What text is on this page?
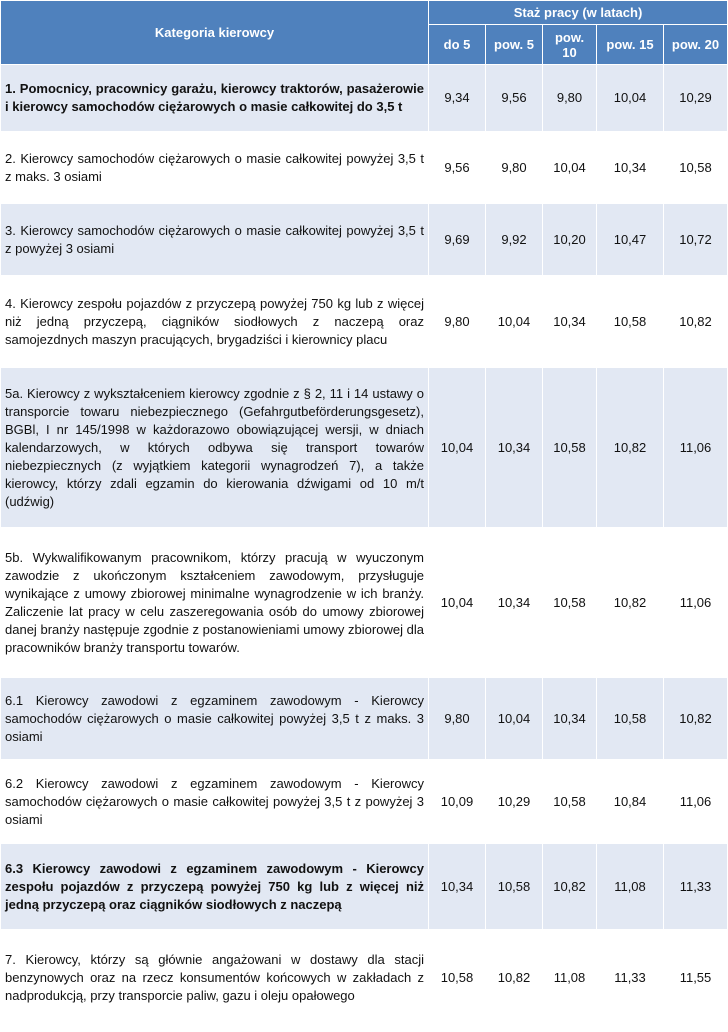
Kategoria kierowcy	Staż pracy (w latach)				
	do 5	pow. 5	pow. 10	pow. 15	pow. 20
1. Pomocnicy, pracownicy garażu, kierowcy traktorów, pasażerowie i kierowcy samochodów ciężarowych o masie całkowitej do 3,5 t	9,34	9,56	9,80	10,04	10,29
2. Kierowcy samochodów ciężarowych o masie całkowitej powyżej 3,5 t z maks. 3 osiami	9,56	9,80	10,04	10,34	10,58
3. Kierowcy samochodów ciężarowych o masie całkowitej powyżej 3,5 t z powyżej 3 osiami	9,69	9,92	10,20	10,47	10,72
4. Kierowcy zespołu pojazdów z przyczepą powyżej 750 kg lub z więcej niż jedną przyczepą, ciągników siodłowych z naczepą oraz samojezdnych maszyn pracujących, brygadziści i kierownicy placu	9,80	10,04	10,34	10,58	10,82
5a. Kierowcy z wykształceniem kierowcy zgodnie z § 2, 11 i 14 ustawy o transporcie towaru niebezpiecznego (Gefahrgutbeförderungsgesetz), BGBl, I nr 145/1998 w każdorazowo obowiązującej wersji, w dniach kalendarzowych, w których odbywa się transport towarów niebezpiecznych (z wyjątkiem kategorii wynagrodzeń 7), a także kierowcy, którzy zdali egzamin do kierowania dźwigami od 10 m/t (udźwig)	10,04	10,34	10,58	10,82	11,06
5b. Wykwalifikowanym pracownikom, którzy pracują w wyuczonym zawodzie z ukończonym kształceniem zawodowym, przysługuje wynikające z umowy zbiorowej minimalne wynagrodzenie w ich branży. Zaliczenie lat pracy w celu zaszeregowania osób do umowy zbiorowej danej branży następuje zgodnie z postanowieniami umowy zbiorowej dla pracowników branży transportu towarów.	10,04	10,34	10,58	10,82	11,06
6.1 Kierowcy zawodowi z egzaminem zawodowym - Kierowcy samochodów ciężarowych o masie całkowitej powyżej 3,5 t z maks. 3 osiami	9,80	10,04	10,34	10,58	10,82
6.2 Kierowcy zawodowi z egzaminem zawodowym - Kierowcy samochodów ciężarowych o masie całkowitej powyżej 3,5 t z powyżej 3 osiami	10,09	10,29	10,58	10,84	11,06
6.3 Kierowcy zawodowi z egzaminem zawodowym - Kierowcy zespołu pojazdów z przyczepą powyżej 750 kg lub z więcej niż jedną przyczepą oraz ciągników siodłowych z naczepą	10,34	10,58	10,82	11,08	11,33
7. Kierowcy, którzy są głównie angażowani w dostawy dla stacji benzynowych oraz na rzecz konsumentów końcowych w zakładach z nadprodukcją, przy transporcie paliw, gazu i oleju opałowego	10,58	10,82	11,08	11,33	11,55
